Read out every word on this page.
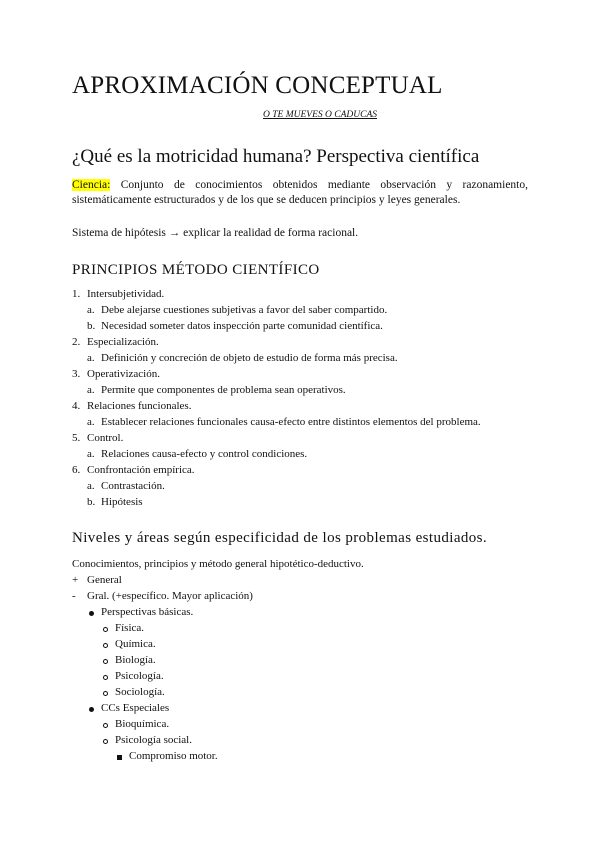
APROXIMACIÓN CONCEPTUAL
O TE MUEVES O CADUCAS
¿Qué es la motricidad humana? Perspectiva científica
Ciencia: Conjunto de conocimientos obtenidos mediante observación y razonamiento, sistemáticamente estructurados y de los que se deducen principios y leyes generales.
Sistema de hipótesis → explicar la realidad de forma racional.
PRINCIPIOS MÉTODO CIENTÍFICO
1. Intersubjetividad.
a. Debe alejarse cuestiones subjetivas a favor del saber compartido.
b. Necesidad someter datos inspección parte comunidad científica.
2. Especialización.
a. Definición y concreción de objeto de estudio de forma más precisa.
3. Operativización.
a. Permite que componentes de problema sean operativos.
4. Relaciones funcionales.
a. Establecer relaciones funcionales causa-efecto entre distintos elementos del problema.
5. Control.
a. Relaciones causa-efecto y control condiciones.
6. Confrontación empírica.
a. Contrastación.
b. Hipótesis
Niveles y áreas según especificidad de los problemas estudiados.
Conocimientos, principios y método general hipotético-deductivo.
+ General
- Gral. (+específico. Mayor aplicación)
Perspectivas básicas.
Física.
Química.
Biología.
Psicología.
Sociología.
CCs Especiales
Bioquímica.
Psicología social.
Compromiso motor.
